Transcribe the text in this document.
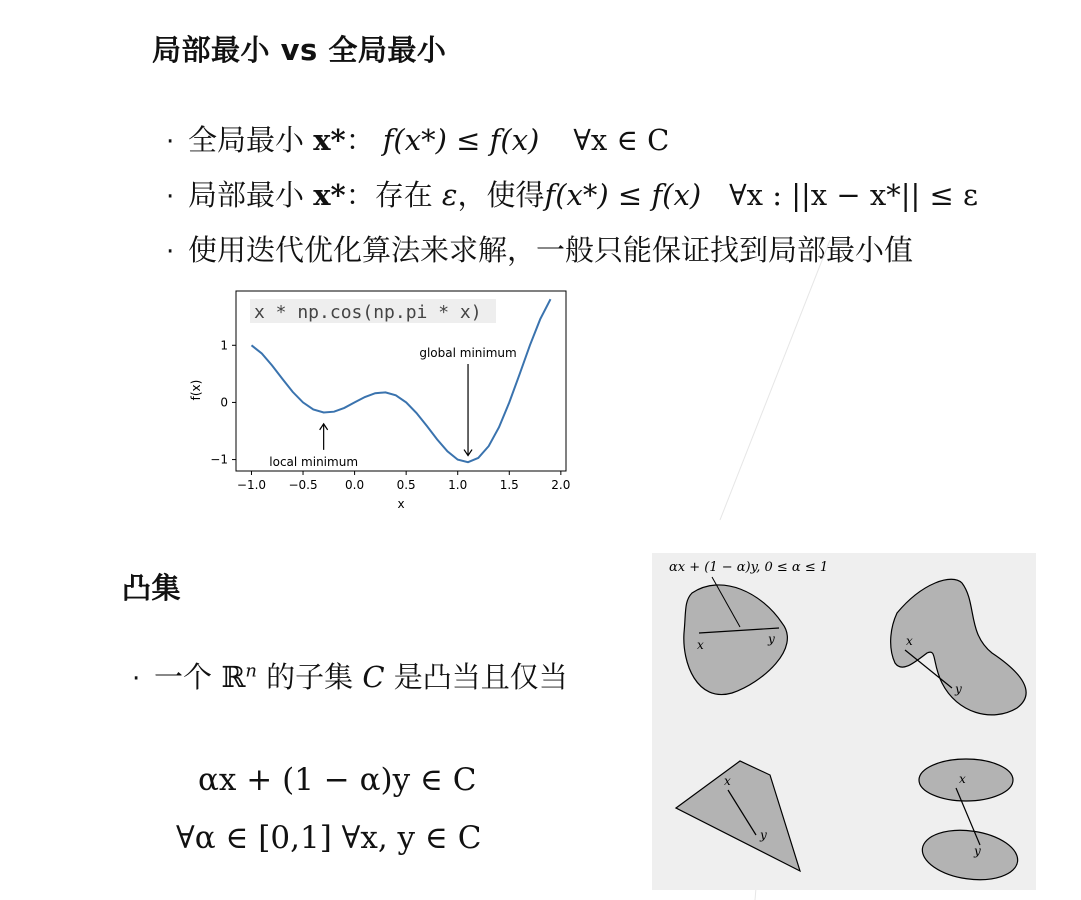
局部最小 vs 全局最小
· 全局最小 x*： f(x*) ≤ f(x) ∀x ∈ C
· 局部最小 x*：存在 ε，使得f(x*) ≤ f(x) ∀x : ||x − x*|| ≤ ε
· 使用迭代优化算法来求解，一般只能保证找到局部最小值
x * np.cos(np.pi * x)
−1.0 −0.5 0.0	0.5	1.0	1.5	2.0
1
0
−1
global minimum
local minimum
f(x)
x
凸集
· 一个 ℝ$^n$ 的子集 C 是凸当且仅当
αx + (1 − α)y ∈ C
∀α ∈ [0,1] ∀x, y ∈ C
αx + (1 − α)y, 0 ≤ α ≤ 1
x	y	x
y
x
y
x
y
